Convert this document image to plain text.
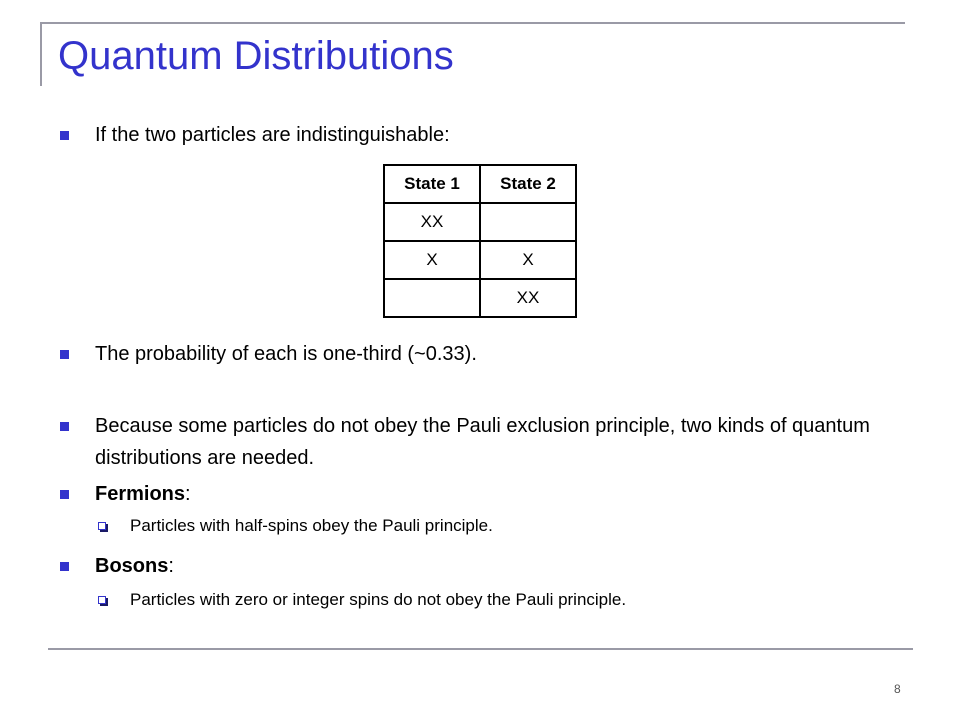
Quantum Distributions
If the two particles are indistinguishable:
State 1	State 2
XX	
X	X
	XX
The probability of each is one-third (~0.33).
Because some particles do not obey the Pauli exclusion principle, two kinds of quantum distributions are needed.
Fermions:
Particles with half-spins obey the Pauli principle.
Bosons:
Particles with zero or integer spins do not obey the Pauli principle.
8
